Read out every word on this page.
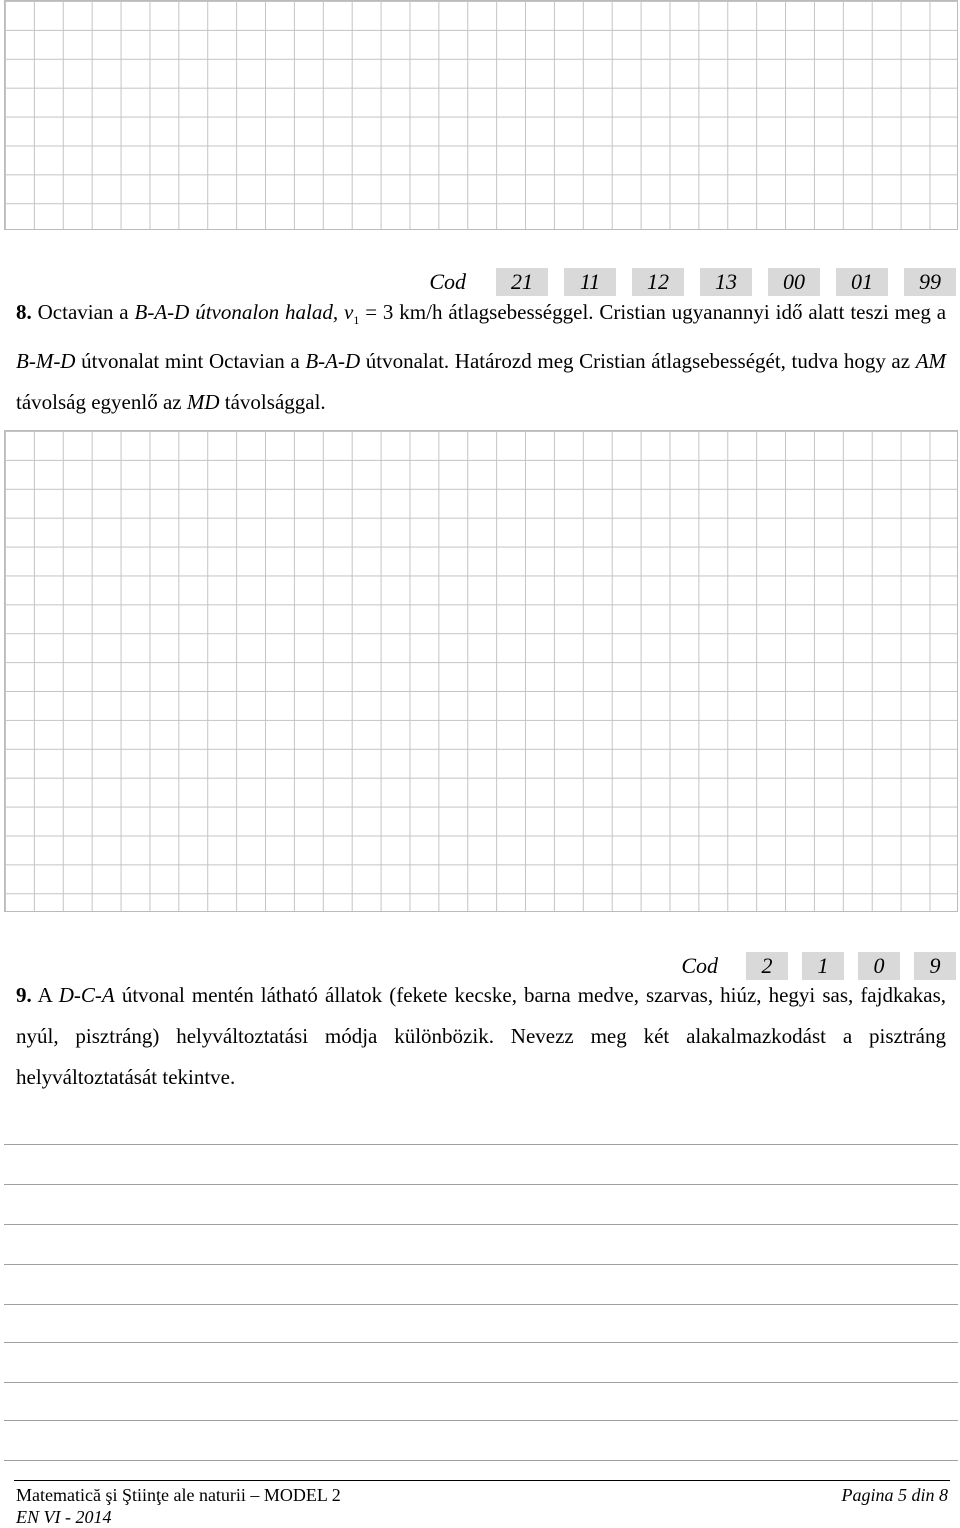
Cod	21	11	12	13	00	01	99
8. Octavian a B-A-D útvonalon halad, $v_1 = 3$ km/h átlagsebességgel. Cristian ugyanannyi idő alatt teszi meg a B-M-D útvonalat mint Octavian a B-A-D útvonalat. Határozd meg Cristian átlagsebességét, tudva hogy az AM távolság egyenlő az MD távolsággal.
Cod	2	1	0	9
9. A D-C-A útvonal mentén látható állatok (fekete kecske, barna medve, szarvas, hiúz, hegyi sas, fajdkakas, nyúl, pisztráng) helyváltoztatási módja különbözik. Nevezz meg két alakalmazkodást a pisztráng helyváltoztatását tekintve.
Matematică şi Ştiinţe ale naturii – MODEL 2
EN VI - 2014
Pagina 5 din 8
